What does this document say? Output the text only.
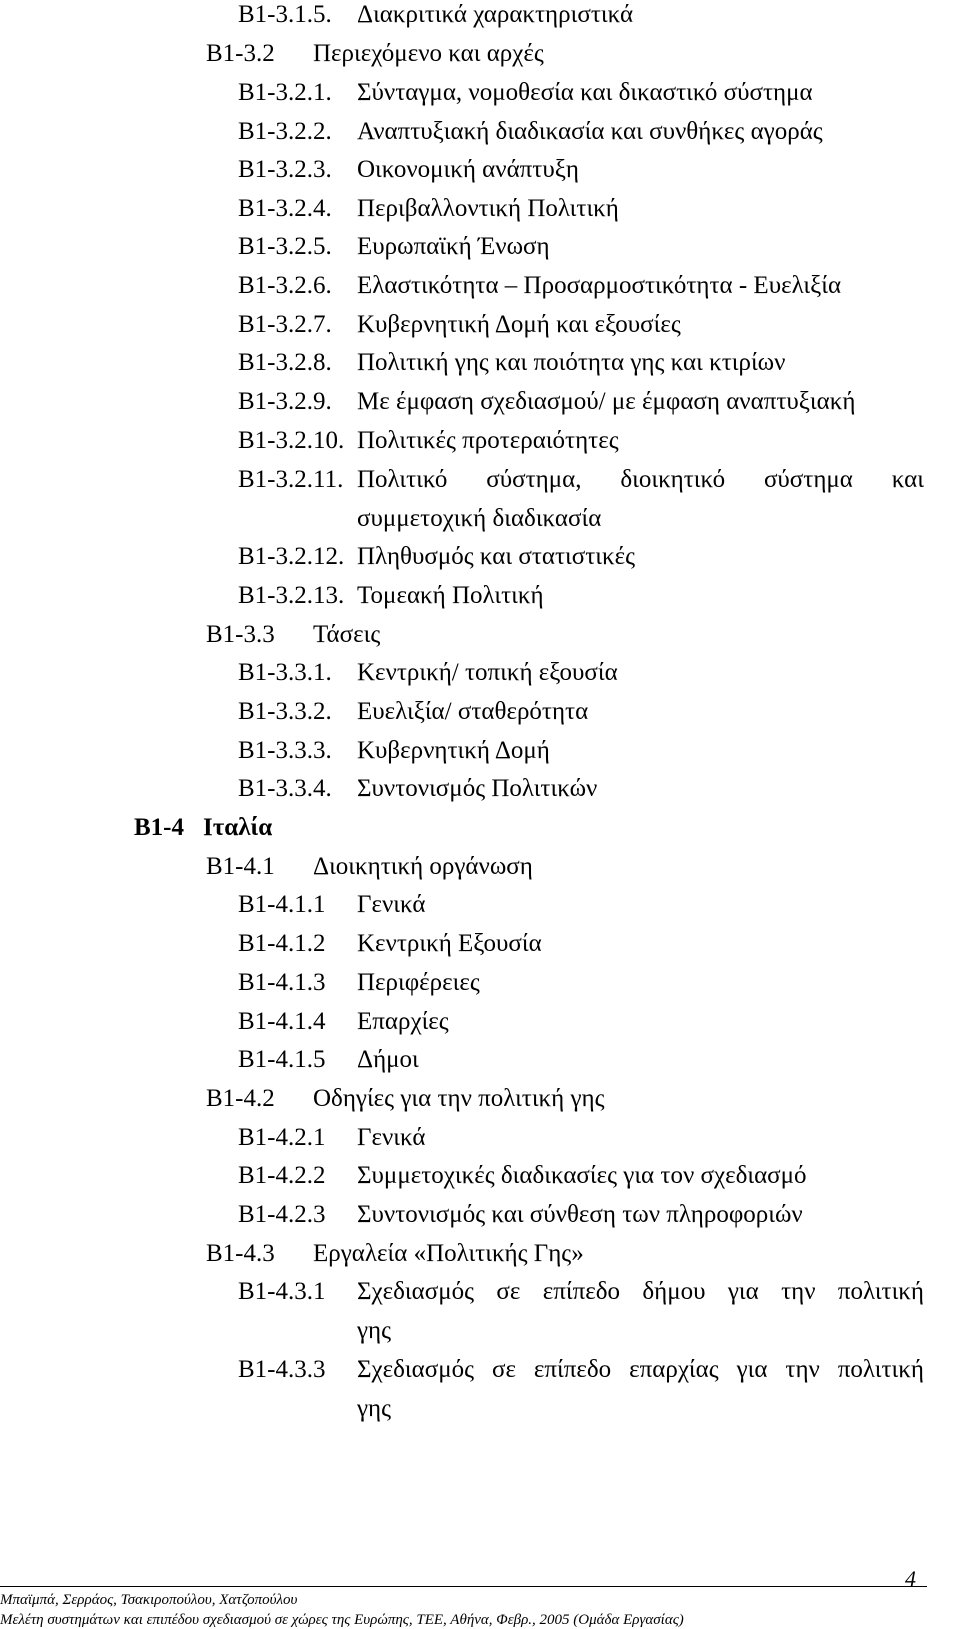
B1-3.1.5. Διακριτικά χαρακτηριστικά
B1-3.2 Περιεχόμενο και αρχές
B1-3.2.1. Σύνταγμα, νομοθεσία και δικαστικό σύστημα
B1-3.2.2. Αναπτυξιακή διαδικασία και συνθήκες αγοράς
B1-3.2.3. Οικονομική ανάπτυξη
B1-3.2.4. Περιβαλλοντική Πολιτική
B1-3.2.5. Ευρωπαϊκή Ένωση
B1-3.2.6. Ελαστικότητα – Προσαρμοστικότητα - Ευελιξία
B1-3.2.7. Κυβερνητική Δομή και εξουσίες
B1-3.2.8. Πολιτική γης και ποιότητα γης και κτιρίων
B1-3.2.9. Με έμφαση σχεδιασμού/ με έμφαση αναπτυξιακή
B1-3.2.10. Πολιτικές προτεραιότητες
B1-3.2.11. Πολιτικό σύστημα, διοικητικό σύστημα και
συμμετοχική διαδικασία
B1-3.2.12. Πληθυσμός και στατιστικές
B1-3.2.13. Τομεακή Πολιτική
B1-3.3 Τάσεις
B1-3.3.1. Κεντρική/ τοπική εξουσία
B1-3.3.2. Ευελιξία/ σταθερότητα
B1-3.3.3. Κυβερνητική Δομή
B1-3.3.4. Συντονισμός Πολιτικών
B1-4 Ιταλία
B1-4.1 Διοικητική οργάνωση
B1-4.1.1 Γενικά
B1-4.1.2 Κεντρική Εξουσία
B1-4.1.3 Περιφέρειες
B1-4.1.4 Επαρχίες
B1-4.1.5 Δήμοι
B1-4.2 Οδηγίες για την πολιτική γης
B1-4.2.1 Γενικά
B1-4.2.2 Συμμετοχικές διαδικασίες για τον σχεδιασμό
B1-4.2.3 Συντονισμός και σύνθεση των πληροφοριών
B1-4.3 Εργαλεία «Πολιτικής Γης»
B1-4.3.1 Σχεδιασμός σε επίπεδο δήμου για την πολιτική
γης
B1-4.3.3 Σχεδιασμός σε επίπεδο επαρχίας για την πολιτική
γης
4
Μπαϊμπά, Σερράος, Τσακιροπούλου, Χατζοπούλου
Μελέτη συστημάτων και επιπέδου σχεδιασμού σε χώρες της Ευρώπης, ΤΕΕ, Αθήνα, Φεβρ., 2005 (Ομάδα Εργασίας)
